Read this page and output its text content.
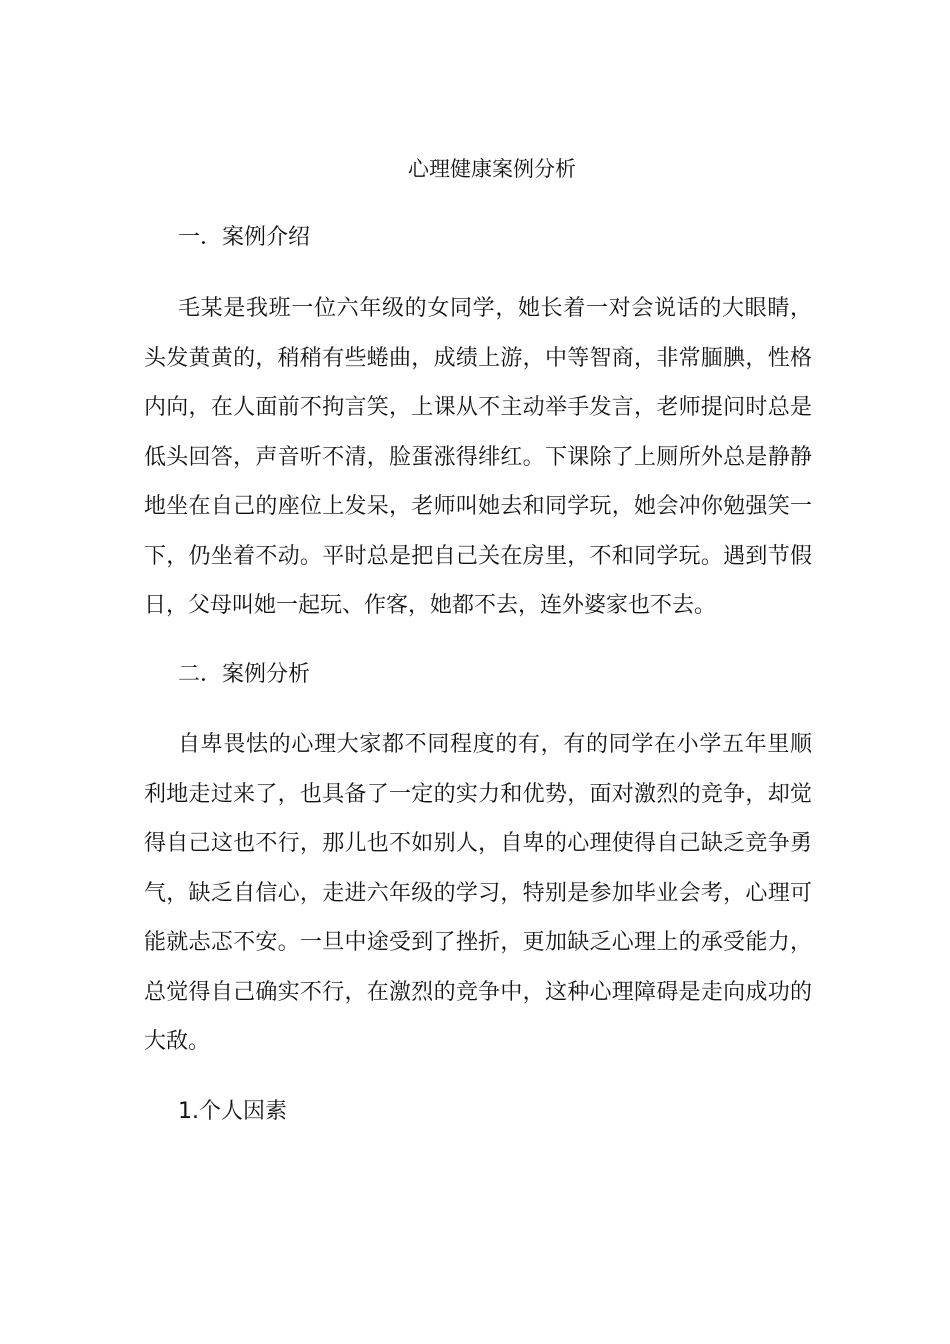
心理健康案例分析
一．案例介绍

毛某是我班一位六年级的女同学，她长着一对会说话的大眼睛，头发黄黄的，稍稍有些蜷曲，成绩上游，中等智商，非常腼腆，性格内向，在人面前不拘言笑，上课从不主动举手发言，老师提问时总是低头回答，声音听不清，脸蛋涨得绯红。下课除了上厕所外总是静静地坐在自己的座位上发呆，老师叫她去和同学玩，她会冲你勉强笑一下，仍坐着不动。平时总是把自己关在房里，不和同学玩。遇到节假日，父母叫她一起玩、作客，她都不去，连外婆家也不去。

二．案例分析

自卑畏怯的心理大家都不同程度的有，有的同学在小学五年里顺利地走过来了，也具备了一定的实力和优势，面对激烈的竞争，却觉得自己这也不行，那儿也不如别人，自卑的心理使得自己缺乏竞争勇气，缺乏自信心，走进六年级的学习，特别是参加毕业会考，心理可能就忐忑不安。一旦中途受到了挫折，更加缺乏心理上的承受能力，总觉得自己确实不行，在激烈的竞争中，这种心理障碍是走向成功的大敌。

1.个人因素
